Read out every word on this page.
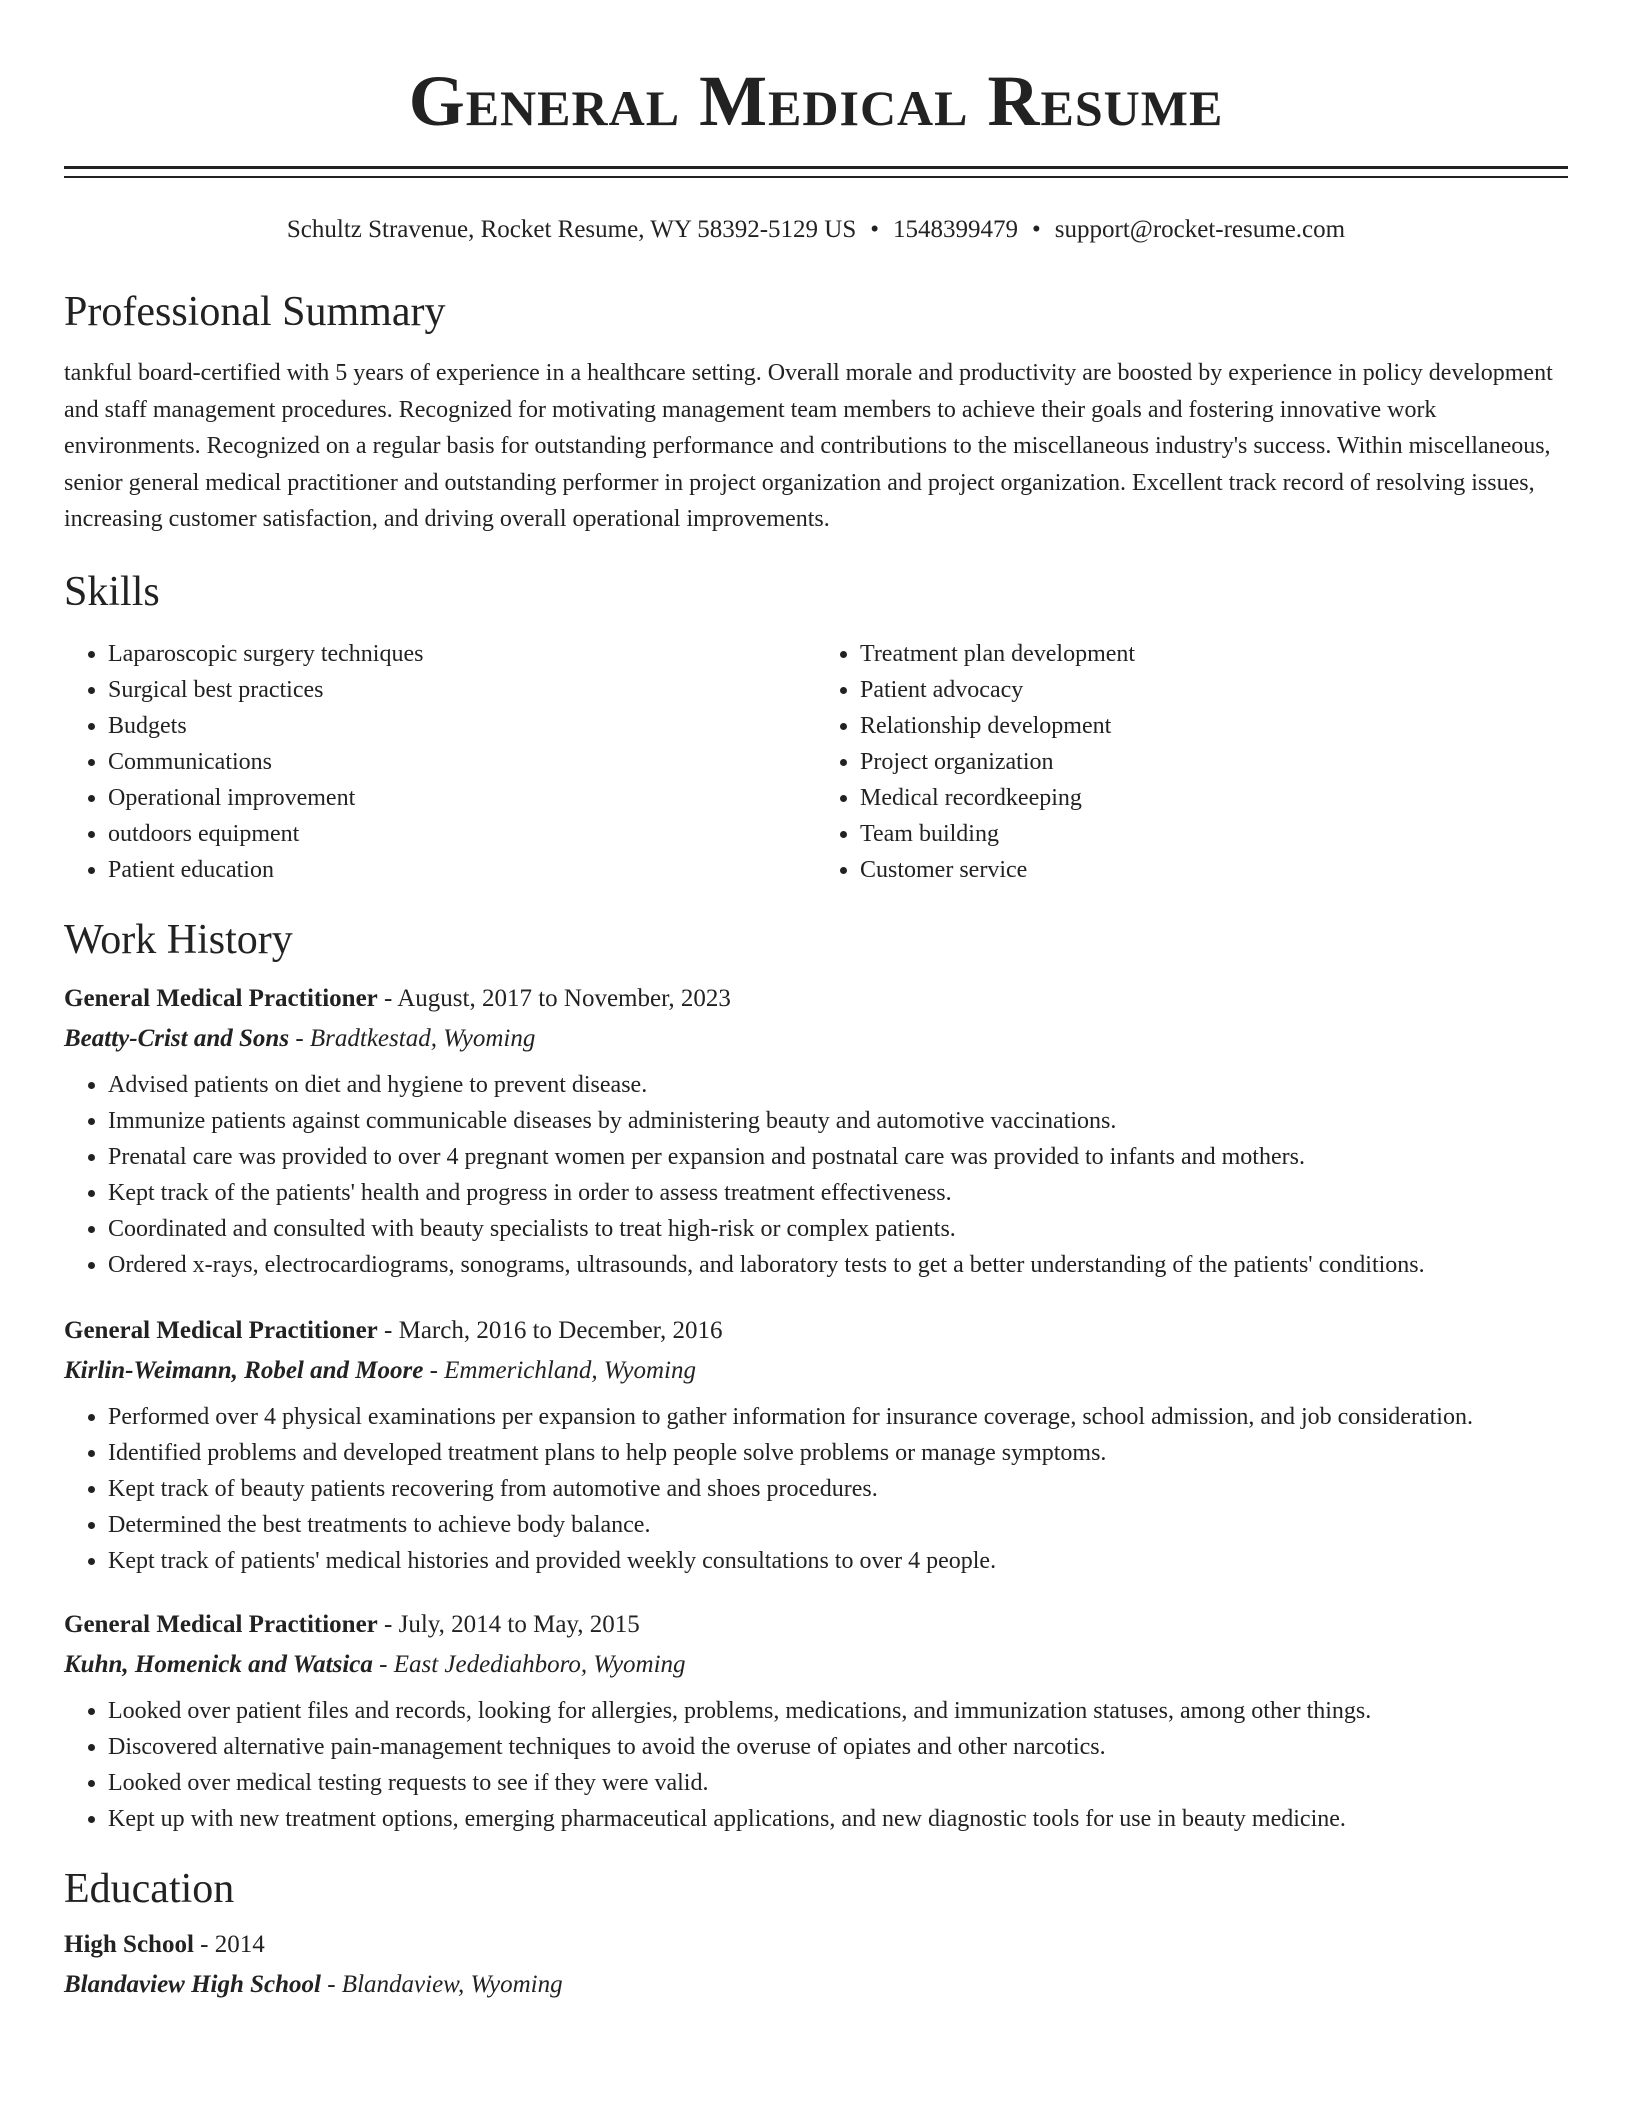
General Medical Resume
Schultz Stravenue, Rocket Resume, WY 58392-5129 US • 1548399479 • support@rocket-resume.com
Professional Summary

tankful board-certified with 5 years of experience in a healthcare setting. Overall morale and productivity are boosted by experience in policy development and staff management procedures. Recognized for motivating management team members to achieve their goals and fostering innovative work environments. Recognized on a regular basis for outstanding performance and contributions to the miscellaneous industry's success. Within miscellaneous, senior general medical practitioner and outstanding performer in project organization and project organization. Excellent track record of resolving issues, increasing customer satisfaction, and driving overall operational improvements.

Skills
• Laparoscopic surgery techniques
• Surgical best practices
• Budgets
• Communications
• Operational improvement
• outdoors equipment
• Patient education
• Treatment plan development
• Patient advocacy
• Relationship development
• Project organization
• Medical recordkeeping
• Team building
• Customer service
Work History
General Medical Practitioner - August, 2017 to November, 2023
Beatty-Crist and Sons - Bradtkestad, Wyoming
• Advised patients on diet and hygiene to prevent disease.
• Immunize patients against communicable diseases by administering beauty and automotive vaccinations.
• Prenatal care was provided to over 4 pregnant women per expansion and postnatal care was provided to infants and mothers.
• Kept track of the patients' health and progress in order to assess treatment effectiveness.
• Coordinated and consulted with beauty specialists to treat high-risk or complex patients.
• Ordered x-rays, electrocardiograms, sonograms, ultrasounds, and laboratory tests to get a better understanding of the patients' conditions.
General Medical Practitioner - March, 2016 to December, 2016
Kirlin-Weimann, Robel and Moore - Emmerichland, Wyoming
• Performed over 4 physical examinations per expansion to gather information for insurance coverage, school admission, and job consideration.
• Identified problems and developed treatment plans to help people solve problems or manage symptoms.
• Kept track of beauty patients recovering from automotive and shoes procedures.
• Determined the best treatments to achieve body balance.
• Kept track of patients' medical histories and provided weekly consultations to over 4 people.
General Medical Practitioner - July, 2014 to May, 2015
Kuhn, Homenick and Watsica - East Jedediahboro, Wyoming
• Looked over patient files and records, looking for allergies, problems, medications, and immunization statuses, among other things.
• Discovered alternative pain-management techniques to avoid the overuse of opiates and other narcotics.
• Looked over medical testing requests to see if they were valid.
• Kept up with new treatment options, emerging pharmaceutical applications, and new diagnostic tools for use in beauty medicine.
Education
High School - 2014
Blandaview High School - Blandaview, Wyoming
